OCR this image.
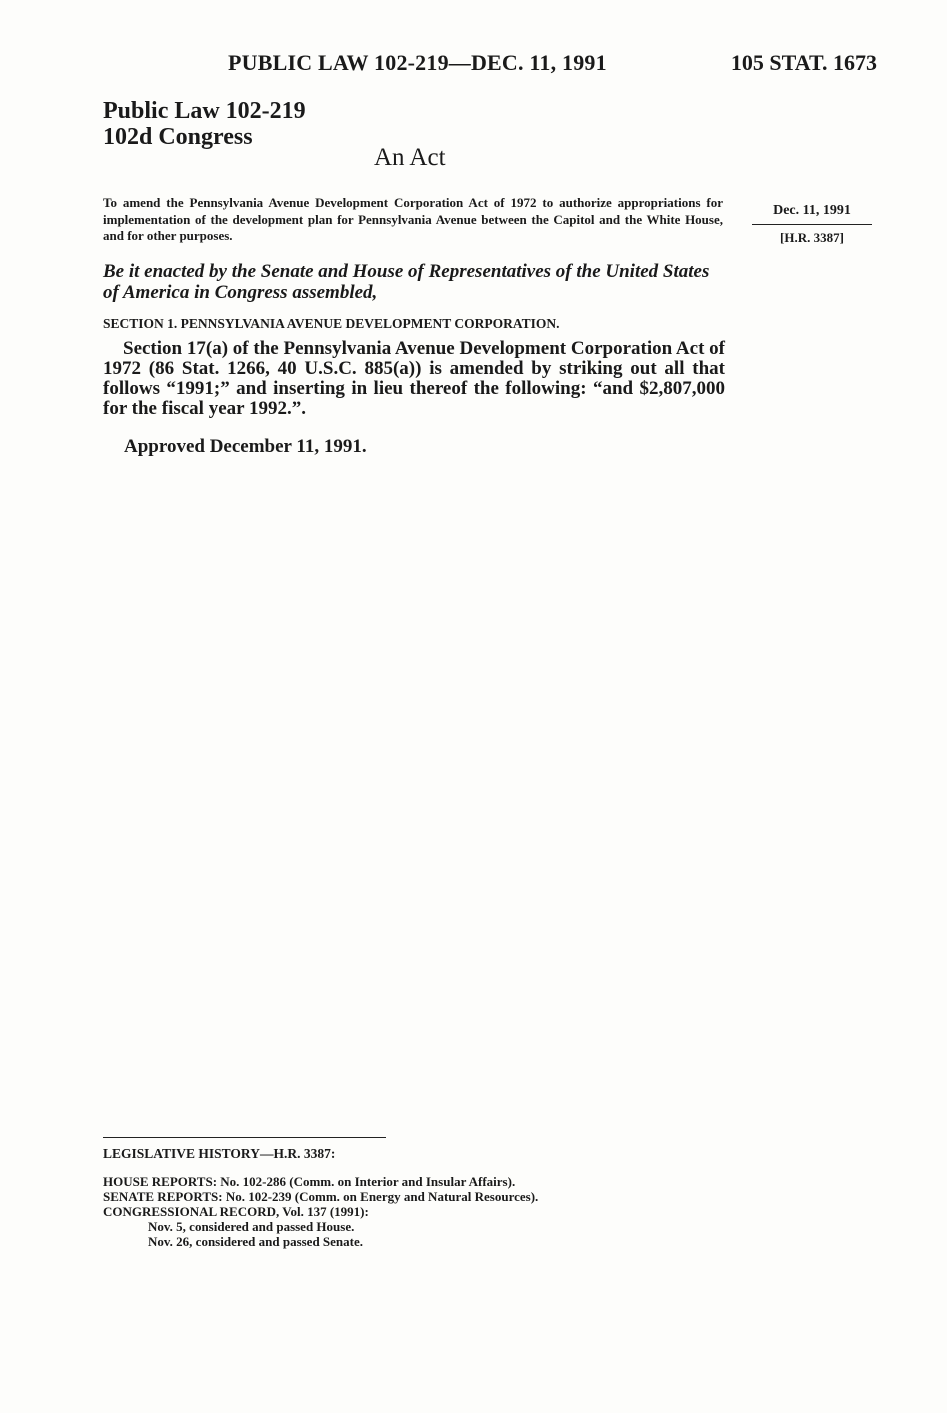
PUBLIC LAW 102-219—DEC. 11, 1991	105 STAT. 1673
Public Law 102-219
102d Congress
An Act
To amend the Pennsylvania Avenue Development Corporation Act of 1972 to authorize appropriations for implementation of the development plan for Pennsylvania Avenue between the Capitol and the White House, and for other purposes.
Dec. 11, 1991
[H.R. 3387]
Be it enacted by the Senate and House of Representatives of the United States of America in Congress assembled,
SECTION 1. PENNSYLVANIA AVENUE DEVELOPMENT CORPORATION.
Section 17(a) of the Pennsylvania Avenue Development Corporation Act of 1972 (86 Stat. 1266, 40 U.S.C. 885(a)) is amended by striking out all that follows “1991;” and inserting in lieu thereof the following: “and $2,807,000 for the fiscal year 1992.”.
Approved December 11, 1991.
LEGISLATIVE HISTORY—H.R. 3387:
HOUSE REPORTS: No. 102-286 (Comm. on Interior and Insular Affairs).
SENATE REPORTS: No. 102-239 (Comm. on Energy and Natural Resources).
CONGRESSIONAL RECORD, Vol. 137 (1991):
Nov. 5, considered and passed House.
Nov. 26, considered and passed Senate.
